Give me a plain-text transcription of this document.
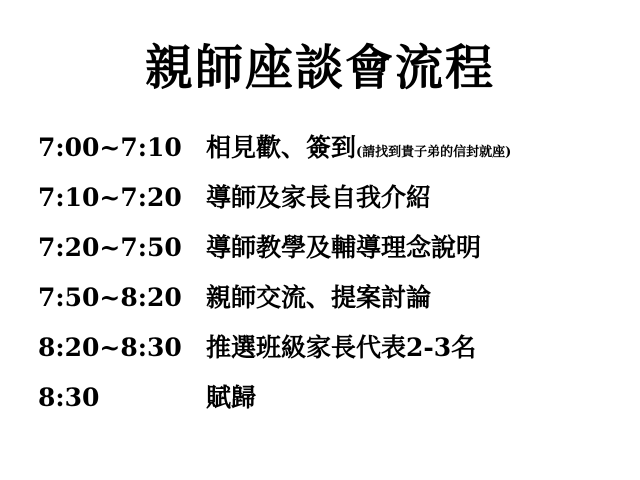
親師座談會流程
7:00~7:10 相見歡、簽到(請找到貴子弟的信封就座)
7:10~7:20 導師及家長自我介紹
7:20~7:50 導師教學及輔導理念說明
7:50~8:20 親師交流、提案討論
8:20~8:30 推選班級家長代表2-3名
8:30	賦歸
